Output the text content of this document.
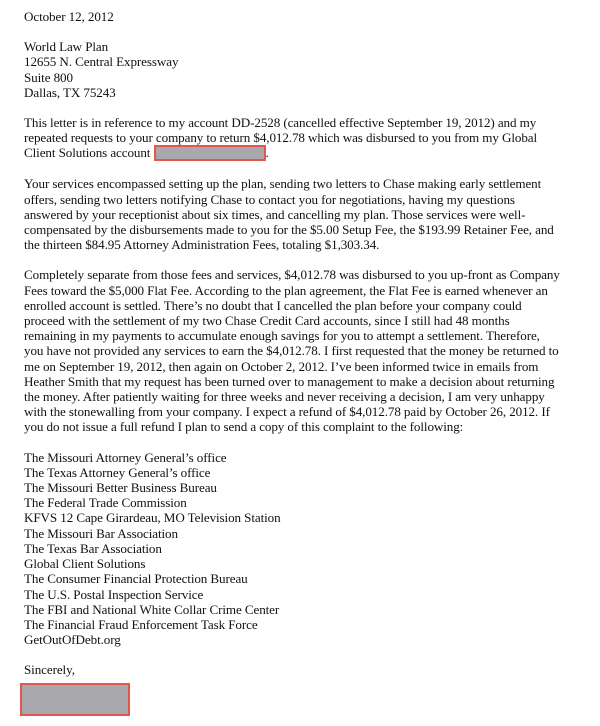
October 12, 2012
World Law Plan
12655 N. Central Expressway
Suite 800
Dallas, TX 75243
This letter is in reference to my account DD-2528 (cancelled effective September 19, 2012) and my
repeated requests to your company to return $4,012.78 which was disbursed to you from my Global
Client Solutions account	.
Your services encompassed setting up the plan, sending two letters to Chase making early settlement
offers, sending two letters notifying Chase to contact you for negotiations, having my questions
answered by your receptionist about six times, and cancelling my plan. Those services were well-
compensated by the disbursements made to you for the $5.00 Setup Fee, the $193.99 Retainer Fee, and
the thirteen $84.95 Attorney Administration Fees, totaling $1,303.34.
Completely separate from those fees and services, $4,012.78 was disbursed to you up-front as Company
Fees toward the $5,000 Flat Fee. According to the plan agreement, the Flat Fee is earned whenever an
enrolled account is settled. There’s no doubt that I cancelled the plan before your company could
proceed with the settlement of my two Chase Credit Card accounts, since I still had 48 months
remaining in my payments to accumulate enough savings for you to attempt a settlement. Therefore,
you have not provided any services to earn the $4,012.78. I first requested that the money be returned to
me on September 19, 2012, then again on October 2, 2012. I’ve been informed twice in emails from
Heather Smith that my request has been turned over to management to make a decision about returning
the money. After patiently waiting for three weeks and never receiving a decision, I am very unhappy
with the stonewalling from your company. I expect a refund of $4,012.78 paid by October 26, 2012. If
you do not issue a full refund I plan to send a copy of this complaint to the following:
The Missouri Attorney General’s office
The Texas Attorney General’s office
The Missouri Better Business Bureau
The Federal Trade Commission
KFVS 12 Cape Girardeau, MO Television Station
The Missouri Bar Association
The Texas Bar Association
Global Client Solutions
The Consumer Financial Protection Bureau
The U.S. Postal Inspection Service
The FBI and National White Collar Crime Center
The Financial Fraud Enforcement Task Force
GetOutOfDebt.org
Sincerely,
